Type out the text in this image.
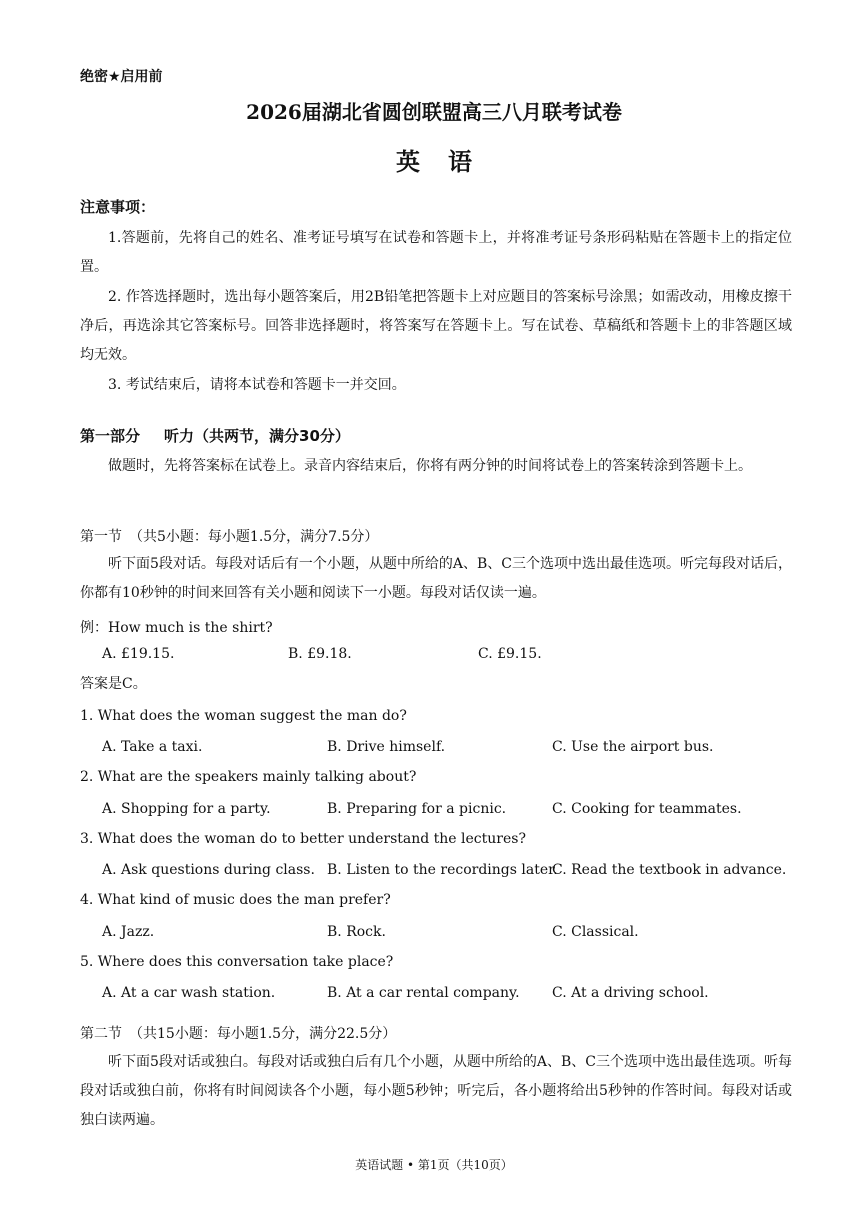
绝密★启用前
2026届湖北省圆创联盟高三八月联考试卷
英语
注意事项：
1.答题前，先将自己的姓名、准考证号填写在试卷和答题卡上，并将准考证号条形码粘贴在答题卡上的指定位置。
2. 作答选择题时，选出每小题答案后，用2B铅笔把答题卡上对应题目的答案标号涂黑；如需改动，用橡皮擦干净后，再选涂其它答案标号。回答非选择题时，将答案写在答题卡上。写在试卷、草稿纸和答题卡上的非答题区域均无效。
3. 考试结束后，请将本试卷和答题卡一并交回。
第一部分 听力（共两节，满分30分）
做题时，先将答案标在试卷上。录音内容结束后，你将有两分钟的时间将试卷上的答案转涂到答题卡上。
第一节　（共5小题：每小题1.5分，满分7.5分）
听下面5段对话。每段对话后有一个小题，从题中所给的A、B、C三个选项中选出最佳选项。听完每段对话后，你都有10秒钟的时间来回答有关小题和阅读下一小题。每段对话仅读一遍。
例：How much is the shirt?
A. £19.15.	B. £9.18.	C. £9.15.
答案是C。
1. What does the woman suggest the man do?
A. Take a taxi.	B. Drive himself.	C. Use the airport bus.
2. What are the speakers mainly talking about?
A. Shopping for a party.	B. Preparing for a picnic.	C. Cooking for teammates.
3. What does the woman do to better understand the lectures?
A. Ask questions during class. B. Listen to the recordings later.
C. Read the textbook in advance.
4. What kind of music does the man prefer?
A. Jazz.	B. Rock.	C. Classical.
5. Where does this conversation take place?
A. At a car wash station.	B. At a car rental company. C. At a driving school.
第二节　（共15小题：每小题1.5分，满分22.5分）
听下面5段对话或独白。每段对话或独白后有几个小题，从题中所给的A、B、C三个选项中选出最佳选项。听每段对话或独白前，你将有时间阅读各个小题，每小题5秒钟；听完后，各小题将给出5秒钟的作答时间。每段对话或独白读两遍。
英语试题 • 第1页（共10页）
